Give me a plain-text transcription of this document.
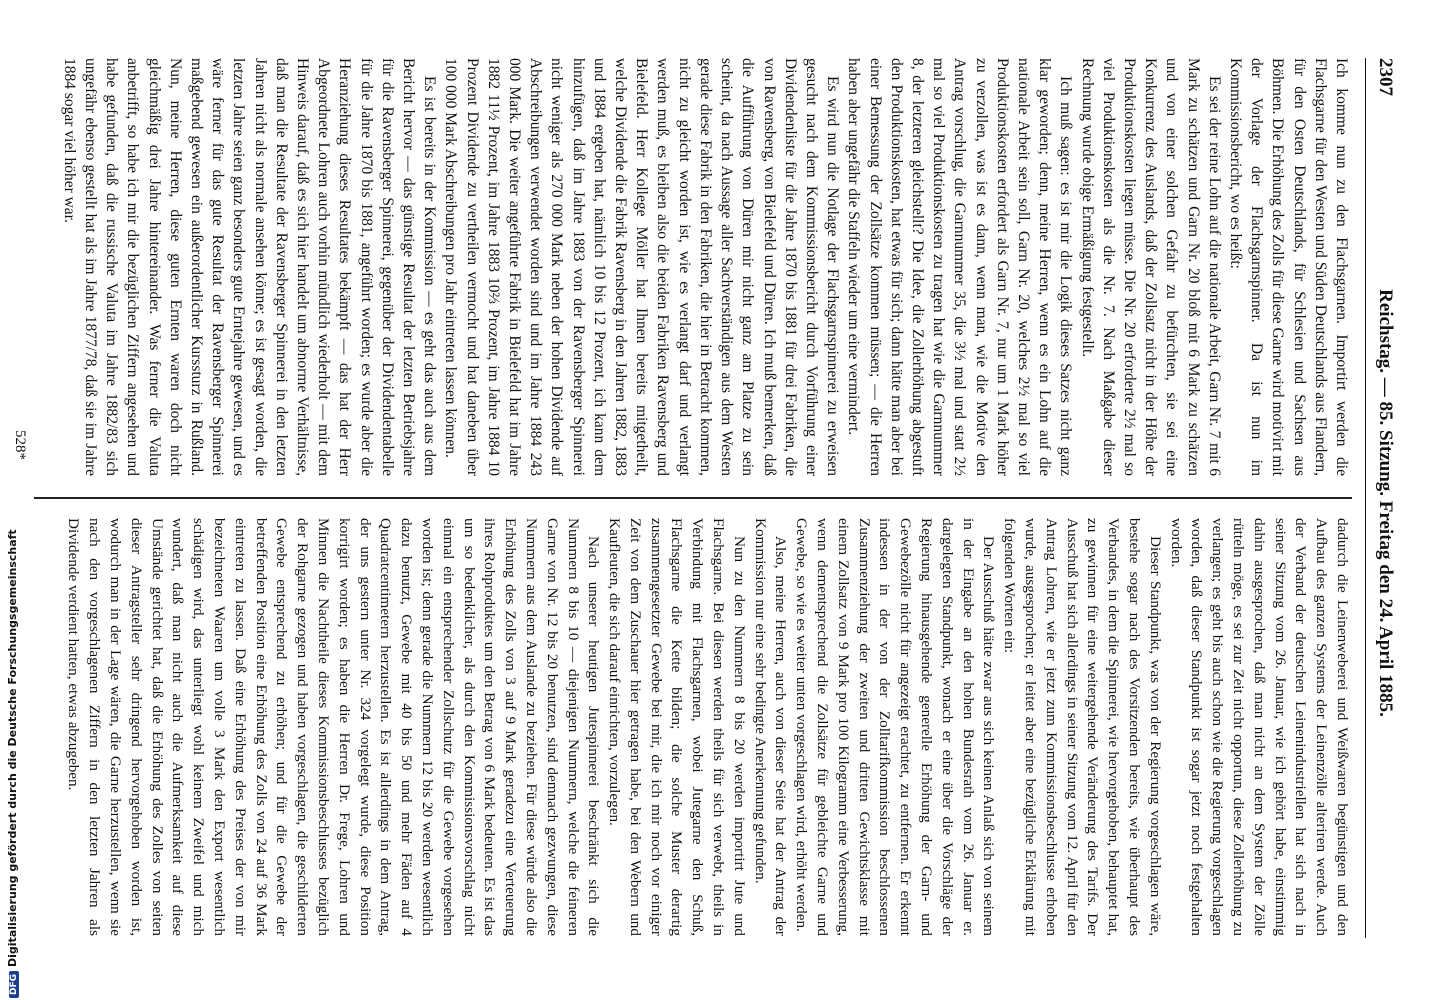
2307
Reichstag. — 85. Sitzung. Freitag den 24. April 1885.

Ich komme nun zu den Flachsgarnen. Importirt werden die Flachsgarne für den Westen und Süden Deutschlands aus Flandern, für den Osten Deutschlands, für Schlesien und Sachsen aus Böhmen. Die Erhöhung des Zolls für diese Garne wird motivirt mit der Vorlage der Flachsgarnspinner. Da ist nun im Kommissionsbericht, wo es heißt:

Es sei der reine Lohn auf die nationale Arbeit, Garn Nr. 7 mit 6 Mark zu schätzen und Garn Nr. 20 bloß mit 6 Mark zu schätzen und von einer solchen Gefahr zu befürchten, sie sei eine Konkurrenz des Auslands, daß der Zollsatz nicht in der Höhe der Produktionskosten liegen müsse. Die Nr. 20 erforderte 2½ mal so viel Produktionskosten als die Nr. 7. Nach Maßgabe dieser Rechnung wurde obige Ermäßigung festgestellt.

Ich muß sagen: es ist mir die Logik dieses Satzes nicht ganz klar geworden; denn, meine Herren, wenn es ein Lohn auf die nationale Arbeit sein soll, Garn Nr. 20, welches 2½ mal so viel Produktionskosten erfordert als Garn Nr. 7, nur um 1 Mark höher zu verzollen, was ist es dann, wenn man, wie die Motive den Antrag vorschlug, die Garnnummer 35, die 3½ mal und statt 2½ mal so viel Produktionskosten zu tragen hat wie die Garnnummer 8, der letzteren gleichstellt? Die Idee, die Zollerhöhung abgestuft den Produktionskosten, hat etwas für sich; dann hätte man aber bei einer Bemessung der Zollsätze kommen müssen; — die Herren haben aber ungefähr die Staffeln wieder um eine vermindert.

Es wird nun die Notlage der Flachsgarnspinnerei zu erweisen gesucht nach dem Kommissionsbericht durch Vorführung einer Dividendenliste für die Jahre 1870 bis 1881 für drei Fabriken, die von Ravensberg, von Bielefeld und Düren. Ich muß bemerken, daß die Aufführung von Düren mir nicht ganz am Platze zu sein scheint, da nach Aussage aller Sachverständigen aus dem Westen gerade diese Fabrik in den Fabriken, die hier in Betracht kommen, nicht zu gleicht worden ist, wie es verlangt darf und verlangt werden muß, es bleiben also die beiden Fabriken Ravensberg und Bielefeld. Herr Kollege Möller hat Ihnen bereits mitgetheilt, welche Dividende die Fabrik Ravensberg in den Jahren 1882, 1883 und 1884 ergeben hat, nämlich 10 bis 12 Prozent, ich kann dem hinzufügen, daß im Jahre 1883 von der Ravensberger Spinnerei nicht weniger als 270 000 Mark neben der hohen Dividende auf Abschreibungen verwendet worden sind und im Jahre 1884 243 000 Mark. Die weiter angeführte Fabrik in Bielefeld hat im Jahre 1882 11½ Prozent, im Jahre 1883 10⅔ Prozent, im Jahre 1884 10 Prozent Dividende zu vertheilen vermocht und hat daneben über 100 000 Mark Abschreibungen pro Jahr eintreten lassen können.

Es ist bereits in der Kommission — es geht das auch aus dem Bericht hervor — das günstige Resultat der letzten Betriebsjahre für die Ravensberger Spinnerei, gegenüber der Dividendentabelle für die Jahre 1870 bis 1881, angeführt worden; es wurde aber die Heranziehung dieses Resultates bekämpft — das hat der Herr Abgeordnete Lohren auch vorhin mündlich wiederholt — mit dem Hinweis darauf, daß es sich hier handelt um abnorme Verhältnisse, daß man die Resultate der Ravensberger Spinnerei in den letzten Jahren nicht als normale ansehen könne; es ist gesagt worden, die letzten Jahre seien ganz besonders gute Erntejahre gewesen, und es wäre ferner für das gute Resultat der Ravensberger Spinnerei maßgebend gewesen ein außerordentlicher Kurssturz in Rußland. Nun, meine Herren, diese guten Ernten waren doch nicht gleichmäßig drei Jahre hintereinander. Was ferner die Valuta anbetrifft, so habe ich mir die bezüglichen Ziffern angesehen und habe gefunden, daß die russische Valuta im Jahre 1882/83 sich ungefähr ebenso gestellt hat als im Jahre 1877/78, daß sie im Jahre 1884 sogar viel höher war.

dadurch die Leinenweberei und Weißwaren begünstigen und den Aufbau des ganzen Systems der Leinenzölle alteriren werde. Auch der Verband der deutschen Leinenindustriellen hat sich nach in seiner Sitzung vom 26. Januar, wie ich gehört habe, einstimmig dahin ausgesprochen, daß man nicht an dem System der Zölle rütteln möge, es sei zur Zeit nicht opportun, diese Zollerhöhung zu verlangen; es geht bis auch schon wie die Regierung vorgeschlagen worden, daß dieser Standpunkt ist sogar jetzt noch festgehalten worden.

Dieser Standpunkt, was von der Regierung vorgeschlagen wäre, bestehe sogar nach des Vorsitzenden bereits, wie überhaupt des Verbandes, in dem die Spinnerei, wie hervorgehoben, behauptet hat, zu gewinnen für eine weitergehende Veränderung des Tarifs. Der Ausschuß hat sich allerdings in seiner Sitzung vom 12. April für den Antrag Lohren, wie er jetzt zum Kommissionsbeschlusse erhoben wurde, ausgesprochen; er leitet aber eine bezügliche Erklärung mit folgenden Worten ein:

Der Ausschuß hätte zwar aus sich keinen Anlaß sich von seinem in der Eingabe an den hohen Bundesrath vom 26. Januar er. dargelegten Standpunkt, wonach er eine über die Vorschläge der Regierung hinausgehende generelle Erhöhung der Garn- und Gewebezölle nicht für angezeigt erachtet, zu entfernen. Er erkennt indessen in der von der Zolltarifkommission beschlossenen Zusammenziehung der zweiten und dritten Gewichtsklasse mit einem Zollsatz von 9 Mark pro 100 Kilogramm eine Verbesserung, wenn dementsprechend die Zollsätze für gebleichte Garne und Gewebe, so wie es weiter unten vorgeschlagen wird, erhöht werden.

Also, meine Herren, auch von dieser Seite hat der Antrag der Kommission nur eine sehr bedingte Anerkennung gefunden.

Nun zu den Nummern 8 bis 20 werden importirt Jute und Flachsgarne. Bei diesen werden theils für sich verwebt, theils in Verbindung mit Flachsgarnen, wobei Jutegarne den Schuß, Flachsgarne die Kette bilden; die solche Muster derartig zusammengesetzter Gewebe bei mir, die ich mir noch vor einiger Zeit von dem Zuschauer hier getragen habe, bei den Webern und Kaufleuten, die sich darauf einrichten, vorzulegen.

Nach unserer heutigen Jutespinnerei beschränkt sich die Nummern 8 bis 10 — diejenigen Nummern, welche die feineren Garne von Nr. 12 bis 20 benutzen, sind demnach gezwungen, diese Nummern aus dem Auslande zu beziehen. Für diese würde also die Erhöhung des Zolls von 3 auf 9 Mark geradezu eine Verteuerung ihres Rohproduktes um den Betrag von 6 Mark bedeuten. Es ist das um so bedenklicher, als durch den Kommissionsvorschlag nicht einmal ein entsprechender Zollschutz für die Gewebe vorgesehen worden ist; denn gerade die Nummern 12 bis 20 werden wesentlich dazu benutzt, Gewebe mit 40 bis 50 und mehr Fäden auf 4 Quadratcentimetern herzustellen. Es ist allerdings in dem Antrag, der uns gestern unter Nr. 324 vorgelegt wurde, diese Position korrigirt worden; es haben die Herren Dr. Frege, Lohren und Minnen die Nachtheile dieses Kommissionsbeschlusses bezüglich der Rohgarne gezogen und haben vorgeschlagen, die geschilderten Gewebe entsprechend zu erhöhen; und für die Gewebe der betreffenden Position eine Erhöhung des Zolls von 24 auf 36 Mark eintreten zu lassen. Daß eine Erhöhung des Preises der von mir bezeichneten Waaren um volle 3 Mark den Export wesentlich schädigen wird, das unterliegt wohl keinem Zweifel und mich wundert, daß man nicht auch die Aufmerksamkeit auf diese Umstände gerichtet hat, daß die Erhöhung des Zolles von seiten dieser Antragsteller sehr dringend hervorgehoben worden ist, wodurch man in der Lage wären, die Garne herzustellen, wenn sie nach den vorgeschlagenen Ziffern in den letzten Jahren als Dividende verdient hatten, etwas abzugeben.

528*
DFGDigitalisierung gefördert durch die Deutsche Forschungsgemeinschaft
